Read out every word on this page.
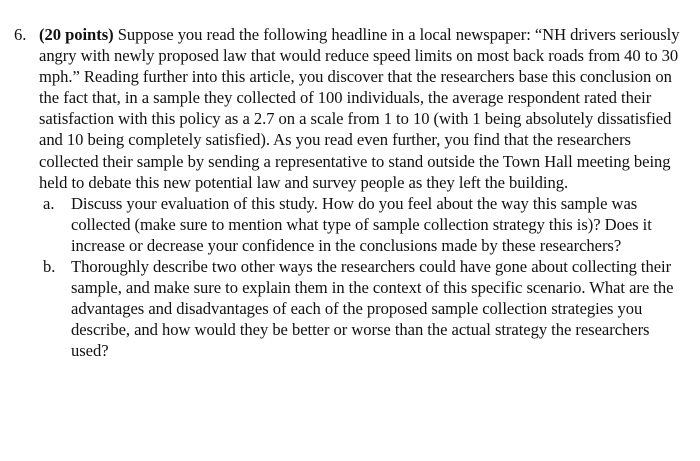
6. (20 points) Suppose you read the following headline in a local newspaper: “NH drivers seriously angry with newly proposed law that would reduce speed limits on most back roads from 40 to 30 mph.” Reading further into this article, you discover that the researchers base this conclusion on the fact that, in a sample they collected of 100 individuals, the average respondent rated their satisfaction with this policy as a 2.7 on a scale from 1 to 10 (with 1 being absolutely dissatisfied and 10 being completely satisfied). As you read even further, you find that the researchers collected their sample by sending a representative to stand outside the Town Hall meeting being held to debate this new potential law and survey people as they left the building.
a. Discuss your evaluation of this study. How do you feel about the way this sample was collected (make sure to mention what type of sample collection strategy this is)? Does it increase or decrease your confidence in the conclusions made by these researchers?
b. Thoroughly describe two other ways the researchers could have gone about collecting their sample, and make sure to explain them in the context of this specific scenario. What are the advantages and disadvantages of each of the proposed sample collection strategies you describe, and how would they be better or worse than the actual strategy the researchers used?
